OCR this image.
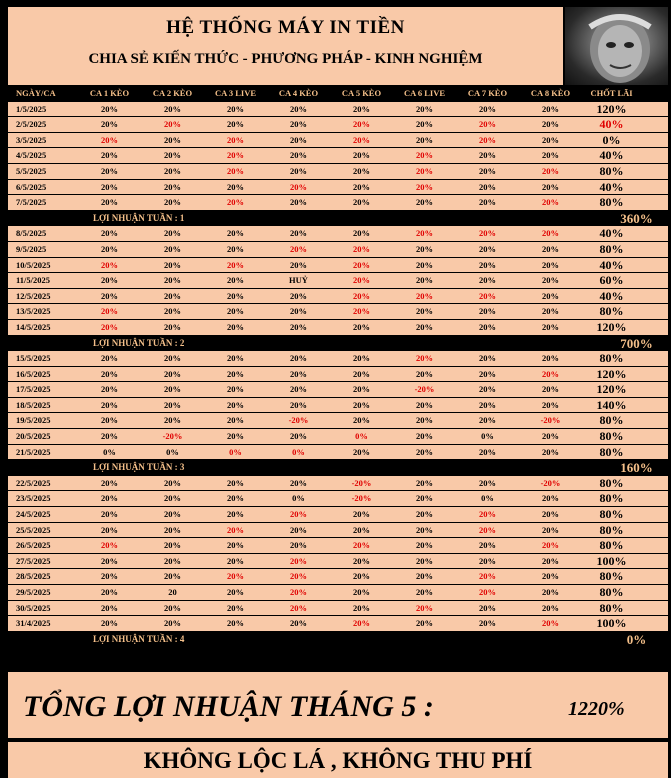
HỆ THỐNG MÁY IN TIỀN
CHIA SẺ KIẾN THỨC - PHƯƠNG PHÁP - KINH NGHIỆM
NGÀY/CA	CA 1 KÈO	CA 2 KÈO	CA 3 LIVE	CA 4 KÈO	CA 5 KÈO	CA 6 LIVE	CA 7 KÈO	CA 8 KÈO	CHỐT LÃI
1/5/2025	20%	20%	20%	20%	20%	20%	20%	20%	120%
2/5/2025	20%	20%	20%	20%	20%	20%	20%	20%	40%
3/5/2025	20%	20%	20%	20%	20%	20%	20%	20%	0%
4/5/2025	20%	20%	20%	20%	20%	20%	20%	20%	40%
5/5/2025	20%	20%	20%	20%	20%	20%	20%	20%	80%
6/5/2025	20%	20%	20%	20%	20%	20%	20%	20%	40%
7/5/2025	20%	20%	20%	20%	20%	20%	20%	20%	80%
LỢI NHUẬN TUẦN : 1	360%
8/5/2025	20%	20%	20%	20%	20%	20%	20%	20%	40%
9/5/2025	20%	20%	20%	20%	20%	20%	20%	20%	80%
10/5/2025	20%	20%	20%	20%	20%	20%	20%	20%	40%
11/5/2025	20%	20%	20%	HUỶ	20%	20%	20%	20%	60%
12/5/2025	20%	20%	20%	20%	20%	20%	20%	20%	40%
13/5/2025	20%	20%	20%	20%	20%	20%	20%	20%	80%
14/5/2025	20%	20%	20%	20%	20%	20%	20%	20%	120%
LỢI NHUẬN TUẦN : 2	700%
15/5/2025	20%	20%	20%	20%	20%	20%	20%	20%	80%
16/5/2025	20%	20%	20%	20%	20%	20%	20%	20%	120%
17/5/2025	20%	20%	20%	20%	20%	-20%	20%	20%	120%
18/5/2025	20%	20%	20%	20%	20%	20%	20%	20%	140%
19/5/2025	20%	20%	20%	-20%	20%	20%	20%	-20%	80%
20/5/2025	20%	-20%	20%	20%	0%	20%	0%	20%	80%
21/5/2025	0%	0%	0%	0%	20%	20%	20%	20%	80%
LỢI NHUẬN TUẦN : 3	160%
22/5/2025	20%	20%	20%	20%	-20%	20%	20%	-20%	80%
23/5/2025	20%	20%	20%	0%	-20%	20%	0%	20%	80%
24/5/2025	20%	20%	20%	20%	20%	20%	20%	20%	80%
25/5/2025	20%	20%	20%	20%	20%	20%	20%	20%	80%
26/5/2025	20%	20%	20%	20%	20%	20%	20%	20%	80%
27/5/2025	20%	20%	20%	20%	20%	20%	20%	20%	100%
28/5/2025	20%	20%	20%	20%	20%	20%	20%	20%	80%
29/5/2025	20%	20	20%	20%	20%	20%	20%	20%	80%
30/5/2025	20%	20%	20%	20%	20%	20%	20%	20%	80%
31/4/2025	20%	20%	20%	20%	20%	20%	20%	20%	100%
LỢI NHUẬN TUẦN : 4	0%
TỔNG LỢI NHUẬN THÁNG 5 :	1220%
KHÔNG LỘC LÁ , KHÔNG THU PHÍ
